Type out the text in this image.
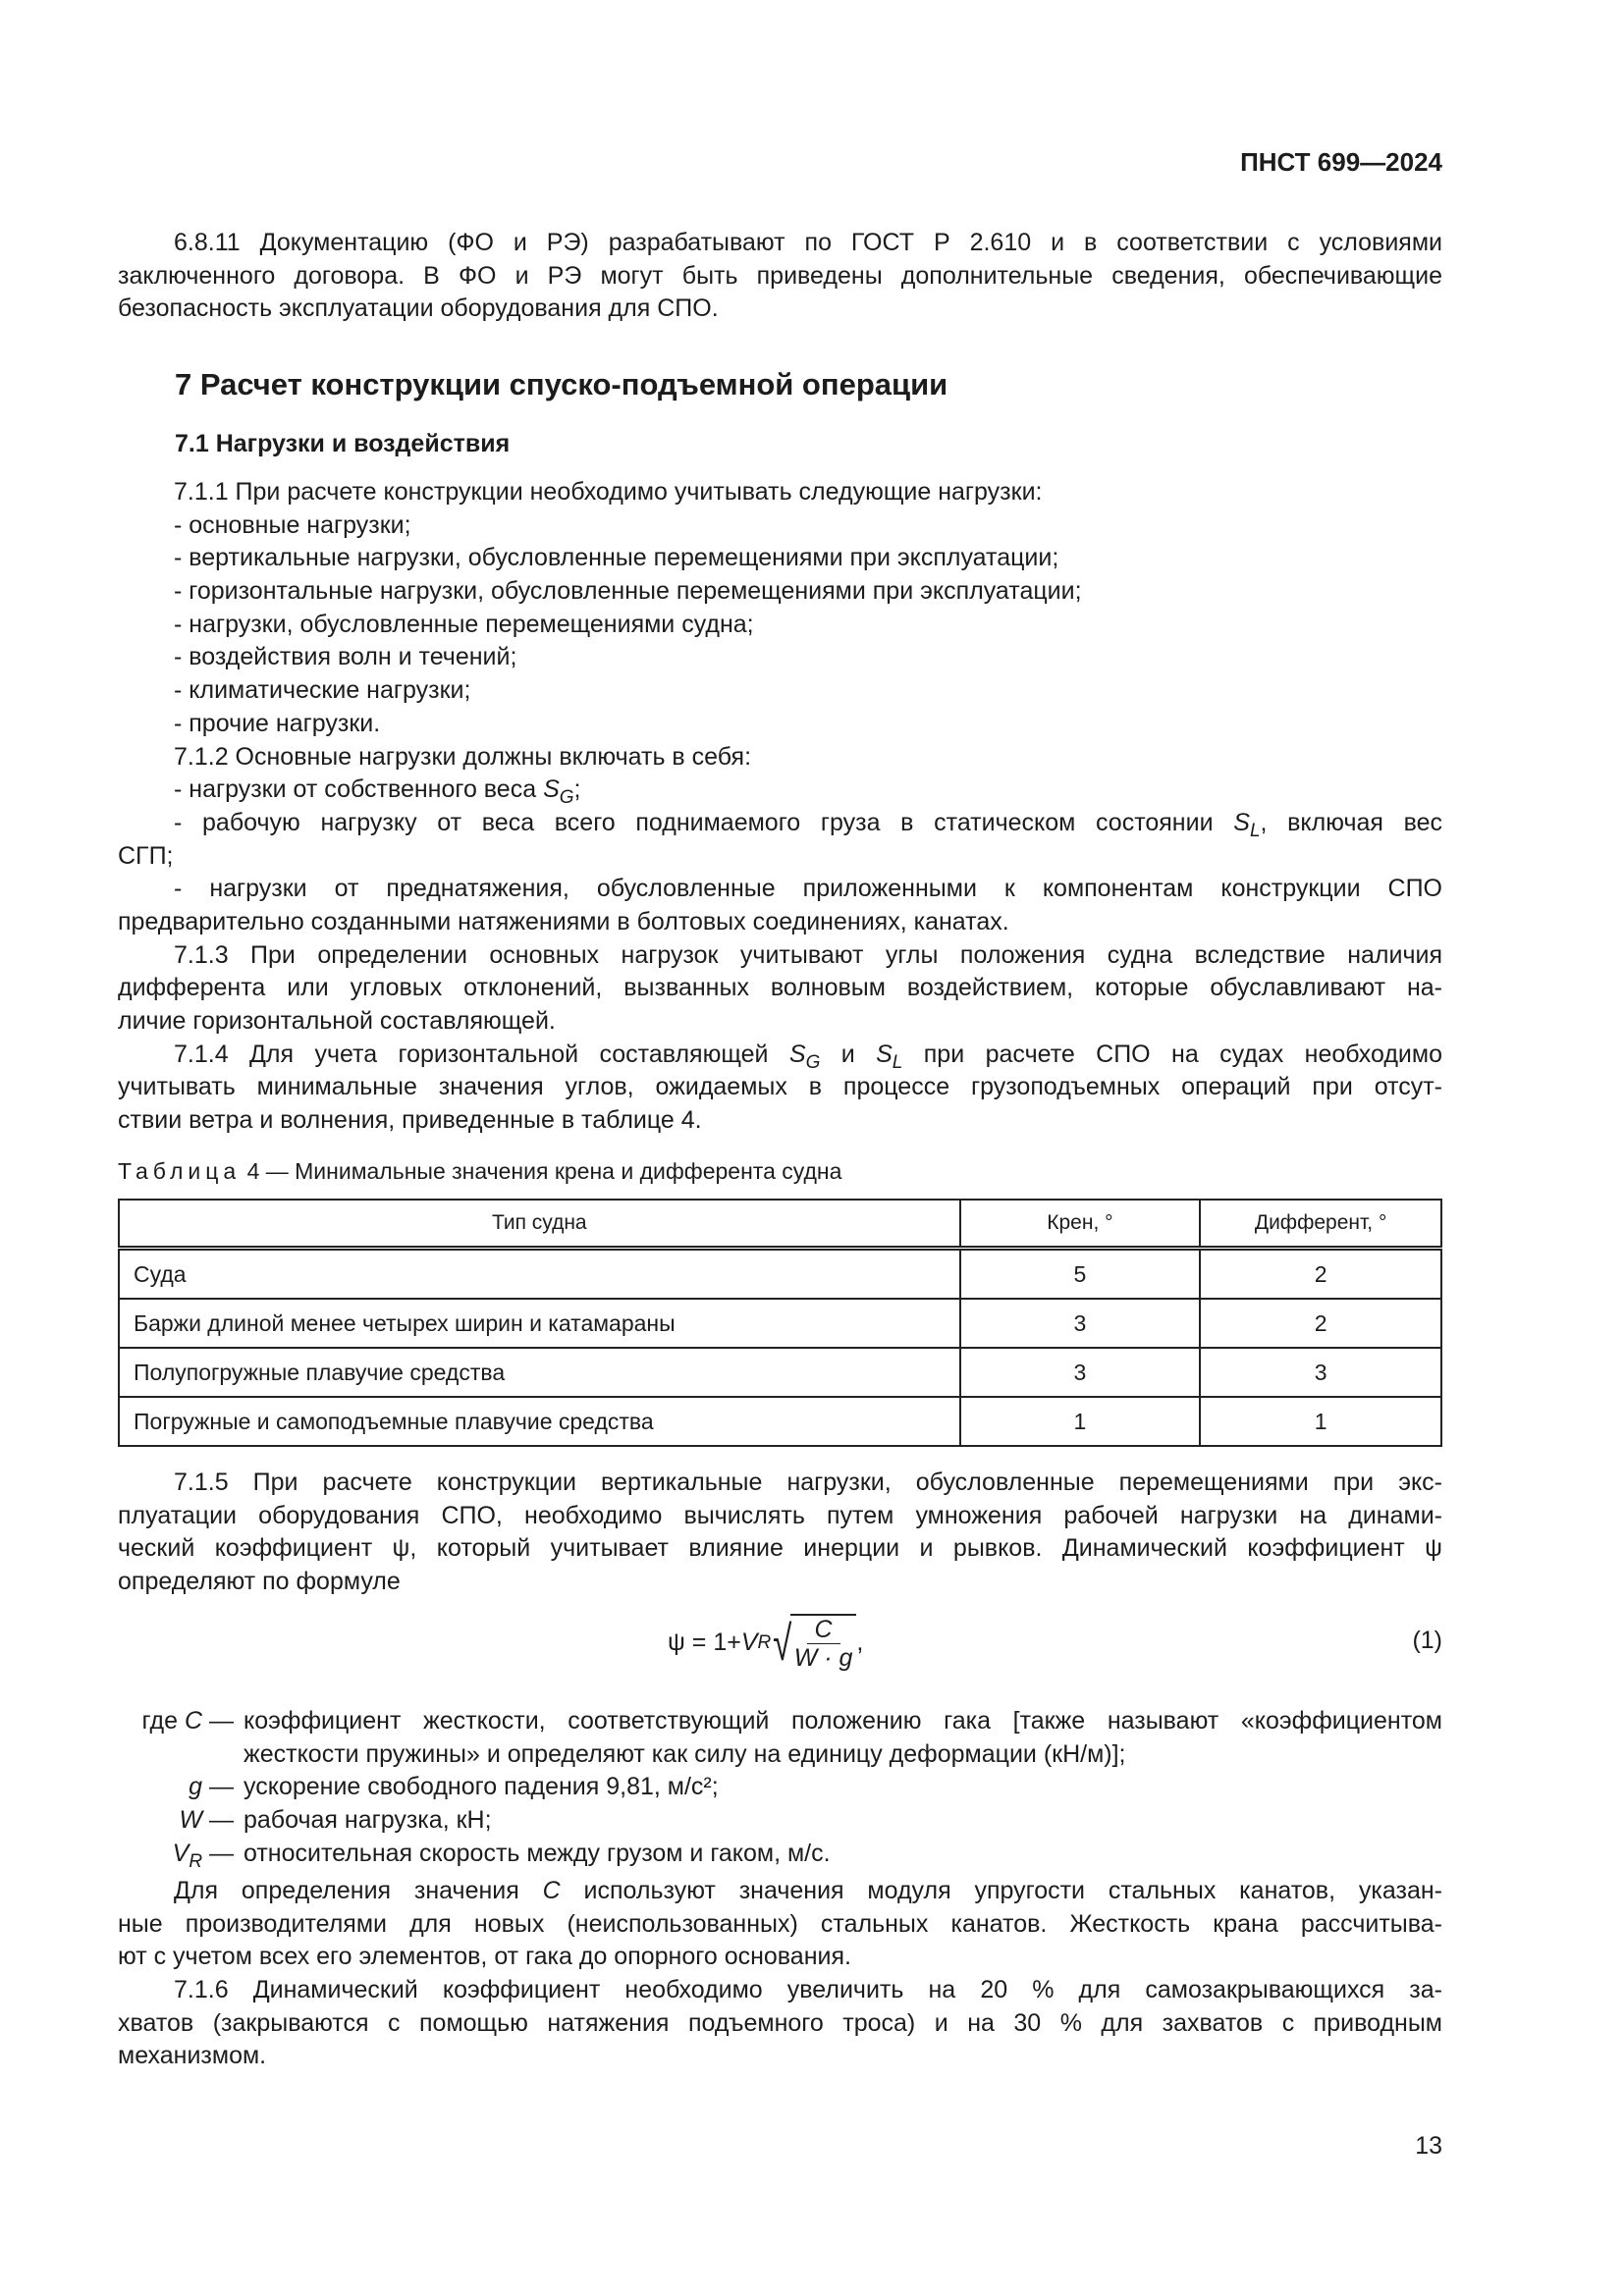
ПНСТ 699—2024
6.8.11 Документацию (ФО и РЭ) разрабатывают по ГОСТ Р 2.610 и в соответствии с условиями
заключенного договора. В ФО и РЭ могут быть приведены дополнительные сведения, обеспечивающие
безопасность эксплуатации оборудования для СПО.
7 Расчет конструкции спуско-подъемной операции
7.1 Нагрузки и воздействия
7.1.1 При расчете конструкции необходимо учитывать следующие нагрузки:
- основные нагрузки;
- вертикальные нагрузки, обусловленные перемещениями при эксплуатации;
- горизонтальные нагрузки, обусловленные перемещениями при эксплуатации;
- нагрузки, обусловленные перемещениями судна;
- воздействия волн и течений;
- климатические нагрузки;
- прочие нагрузки.
7.1.2 Основные нагрузки должны включать в себя:
- нагрузки от собственного веса $S_G$;
- рабочую нагрузку от веса всего поднимаемого груза в статическом состоянии $S_L$, включая вес
СГП;
- нагрузки от преднатяжения, обусловленные приложенными к компонентам конструкции СПО
предварительно созданными натяжениями в болтовых соединениях, канатах.
7.1.3 При определении основных нагрузок учитывают углы положения судна вследствие наличия
дифферента или угловых отклонений, вызванных волновым воздействием, которые обуславливают на-
личие горизонтальной составляющей.
7.1.4 Для учета горизонтальной составляющей $S_G$ и $S_L$ при расчете СПО на судах необходимо
учитывать минимальные значения углов, ожидаемых в процессе грузоподъемных операций при отсут-
ствии ветра и волнения, приведенные в таблице 4.
Таблица 4 — Минимальные значения крена и дифферента судна
Тип судна	Крен, °	Дифферент, °
Суда	5	2
Баржи длиной менее четырех ширин и катамараны	3	2
Полупогружные плавучие средства	3	3
Погружные и самоподъемные плавучие средства	1	1
7.1.5 При расчете конструкции вертикальные нагрузки, обусловленные перемещениями при экс-
плуатации оборудования СПО, необходимо вычислять путем умножения рабочей нагрузки на динами-
ческий коэффициент ψ, который учитывает влияние инерции и рывков. Динамический коэффициент ψ
определяют по формуле
ψ = 1+ V R √
$\frac{C}{W \cdot g}$ ,	(1)
где C — коэффициент жесткости, соответствующий положению гака [также называют «коэффициентом жесткости пружины» и определяют как силу на единицу деформации (кН/м)];
g — ускорение свободного падения 9,81, м/с²;
W — рабочая нагрузка, кН;
$V_R$ — относительная скорость между грузом и гаком, м/с.
Для определения значения C используют значения модуля упругости стальных канатов, указан-
ные производителями для новых (неиспользованных) стальных канатов. Жесткость крана рассчитыва-
ют с учетом всех его элементов, от гака до опорного основания.
7.1.6 Динамический коэффициент необходимо увеличить на 20 % для самозакрывающихся за-
хватов (закрываются с помощью натяжения подъемного троса) и на 30 % для захватов с приводным
механизмом.
13
